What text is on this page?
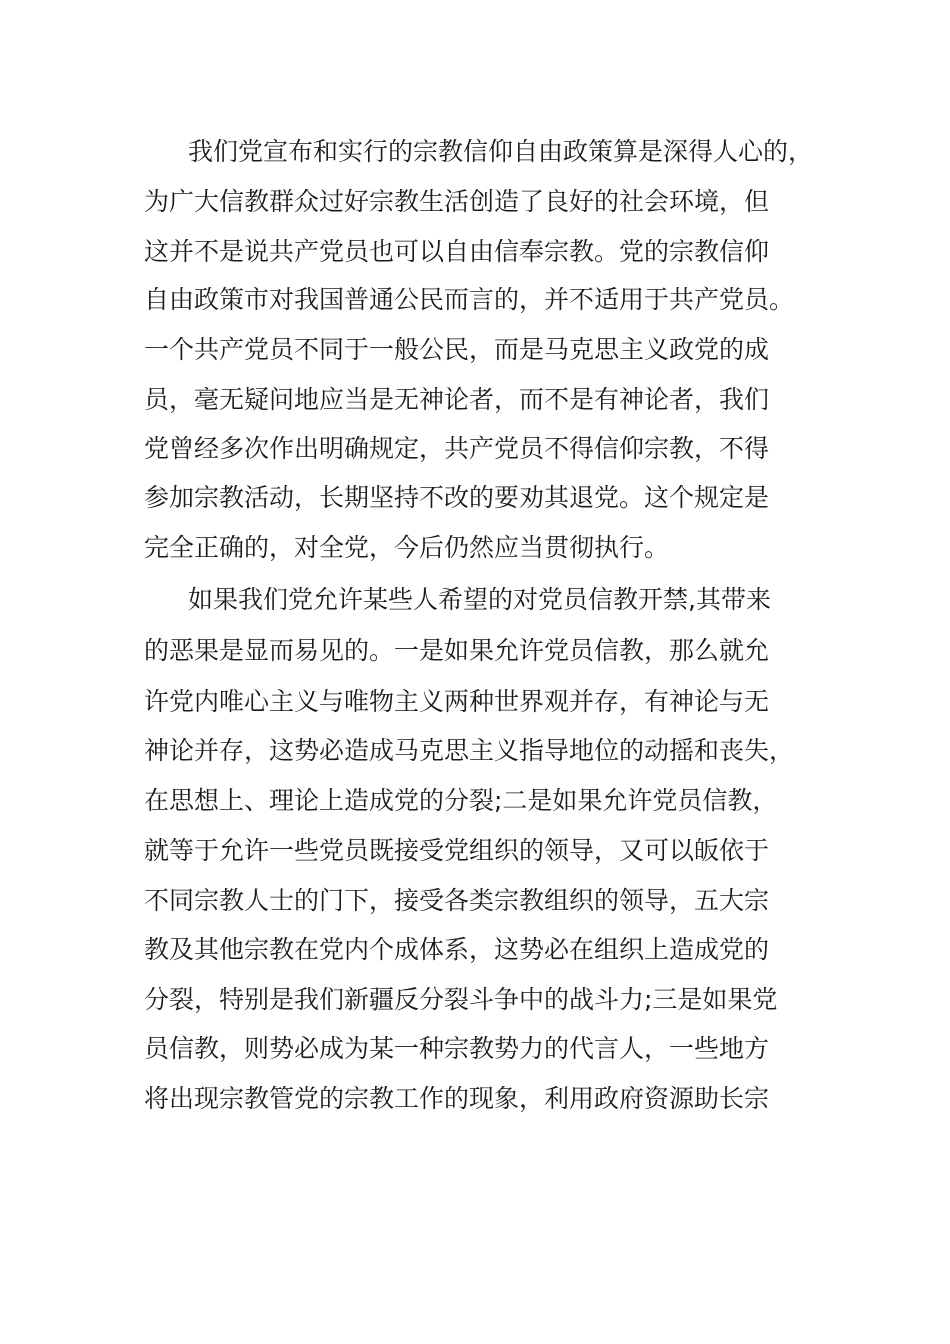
我们党宣布和实行的宗教信仰自由政策算是深得人心的，
为广大信教群众过好宗教生活创造了良好的社会环境，但
这并不是说共产党员也可以自由信奉宗教。党的宗教信仰
自由政策市对我国普通公民而言的，并不适用于共产党员。
一个共产党员不同于一般公民，而是马克思主义政党的成
员，毫无疑问地应当是无神论者，而不是有神论者，我们
党曾经多次作出明确规定，共产党员不得信仰宗教，不得
参加宗教活动，长期坚持不改的要劝其退党。这个规定是
完全正确的，对全党，今后仍然应当贯彻执行。
如果我们党允许某些人希望的对党员信教开禁,其带来
的恶果是显而易见的。一是如果允许党员信教，那么就允
许党内唯心主义与唯物主义两种世界观并存，有神论与无
神论并存，这势必造成马克思主义指导地位的动摇和丧失，
在思想上、理论上造成党的分裂;二是如果允许党员信教，
就等于允许一些党员既接受党组织的领导，又可以皈依于
不同宗教人士的门下，接受各类宗教组织的领导，五大宗
教及其他宗教在党内个成体系，这势必在组织上造成党的
分裂，特别是我们新疆反分裂斗争中的战斗力;三是如果党
员信教，则势必成为某一种宗教势力的代言人，一些地方
将出现宗教管党的宗教工作的现象，利用政府资源助长宗
